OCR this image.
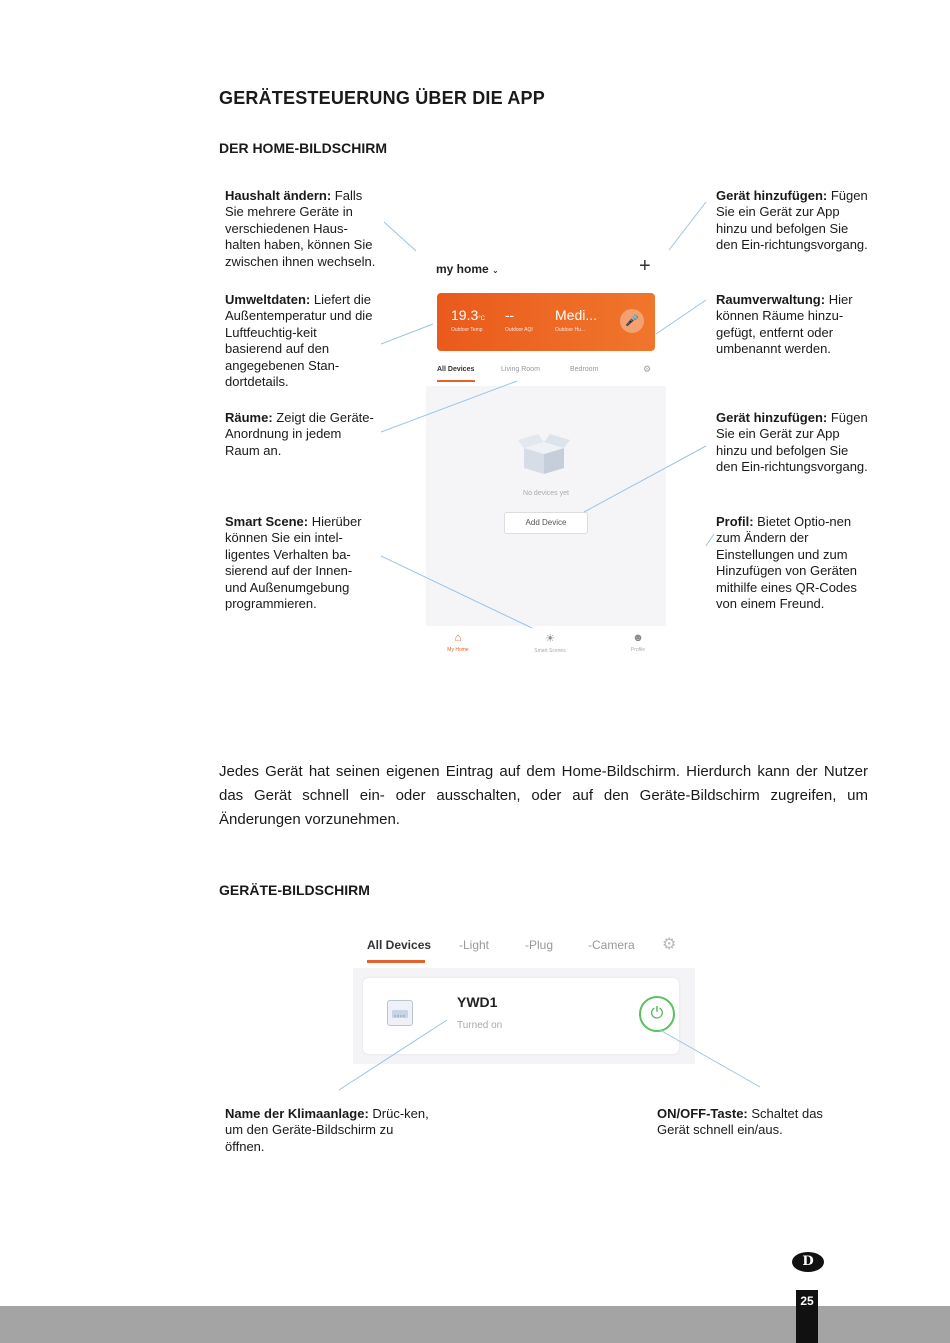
GERÄTESTEUERUNG ÜBER DIE APP
DER HOME-BILDSCHIRM
Haushalt ändern: Falls Sie mehrere Geräte in verschiedenen Haus-halten haben, können Sie zwischen ihnen wechseln.
Umweltdaten: Liefert die Außentemperatur und die Luftfeuchtig-keit basierend auf den angegebenen Stan-dortdetails.
Räume: Zeigt die Geräte-Anordnung in jedem Raum an.
Smart Scene: Hierüber können Sie ein intel-ligentes Verhalten ba-sierend auf der Innen- und Außenumgebung programmieren.
Gerät hinzufügen: Fügen Sie ein Gerät zur App hinzu und befolgen Sie den Ein-richtungsvorgang.
Raumverwaltung: Hier können Räume hinzu-gefügt, entfernt oder umbenannt werden.
Gerät hinzufügen: Fügen Sie ein Gerät zur App hinzu und befolgen Sie den Ein-richtungsvorgang.
Profil: Bietet Optio-nen zum Ändern der Einstellungen und zum Hinzufügen von Geräten mithilfe eines QR-Codes von einem Freund.
my home ⌄	+
19.3°C --	Medi...
Outdoor Temp	Outdoor AQI	Outdoor Hu...
🎤
All Devices	Living Room	Bedroom	⚙
No devices yet
Add Device
⌂
My Home
☀
Smart Scenes
☻
Profile
Jedes Gerät hat seinen eigenen Eintrag auf dem Home-Bildschirm. Hierdurch kann der Nutzer das Gerät schnell ein- oder ausschalten, oder auf den Geräte-Bildschirm zugreifen, um Änderungen vorzunehmen.
GERÄTE-BILDSCHIRM
All Devices -Light	-Plug	-Camera ⚙
YWD1
Turned on
⏻
Name der Klimaanlage: Drüc-ken, um den Geräte-Bildschirm zu öffnen.
ON/OFF-Taste: Schaltet das Gerät schnell ein/aus.
D
25
